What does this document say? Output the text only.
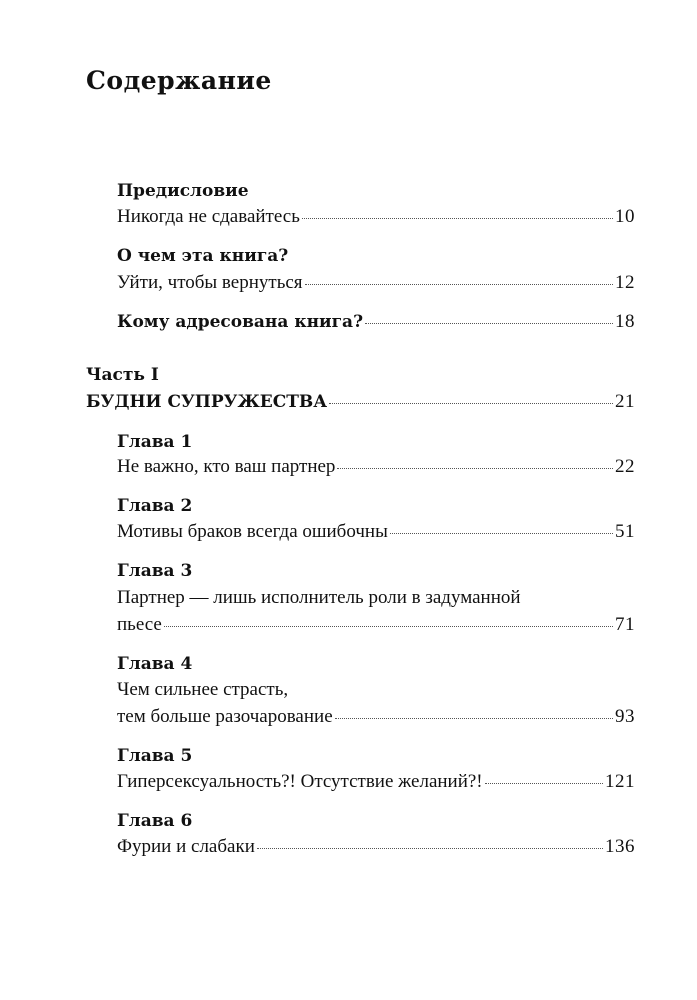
Содержание
Предисловие
Никогда не сдавайтесь	10
О чем эта книга?
Уйти, чтобы вернуться	12
Кому адресована книга?	18
Часть I
БУДНИ СУПРУЖЕСТВА	21
Глава 1
Не важно, кто ваш партнер	22
Глава 2
Мотивы браков всегда ошибочны	51
Глава 3
Партнер — лишь исполнитель роли в задуманной
пьесе	71
Глава 4
Чем сильнее страсть,
тем больше разочарование	93
Глава 5
Гиперсексуальность?! Отсутствие желаний?!	121
Глава 6
Фурии и слабаки	136
